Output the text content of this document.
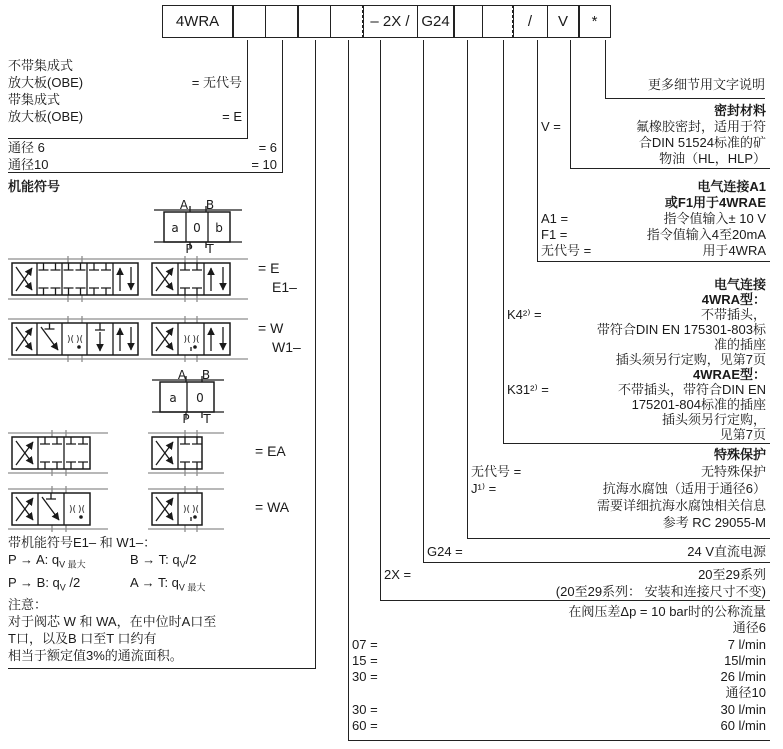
4WRA	– 2X / G24	/	V	*
不带集成式
放大板(OBE)	= 无代号
带集成式
放大板(OBE)	= E
通径 6	= 6
通径10	= 10
机能符号
A B
a 0 b
P T
= E
E1–
)( )(	)( )(
= W
W1–
A B
a 0
P T
= EA
)( )(	)( )(	= WA
带机能符号E1– 和 W1–：
P → A: $q_{V 最大}$	B → T: $q_V/2$
P → B: $q_V$ /2	A → T: $q_{V 最大}$
注意：
对于阀芯 W 和 WA，在中位时A口至
T口，以及B 口至T 口约有
相当于额定值3%的通流面积。
更多细节用文字说明
密封材料
V =	氟橡胶密封，适用于符
合DIN 51524标准的矿
物油（HL，HLP）
电气连接A1
或F1用于4WRAE
A1 =	指令值输入± 10 V
F1 =	指令值输入4至20mA
无代号 =	用于4WRA
电气连接
4WRA型：
K4²⁾ =	不带插头，
带符合DIN EN 175301-803标
准的插座
插头须另行定购，见第7页
4WRAE型：
K31²⁾ =	不带插头，带符合DIN EN
175201-804标准的插座
插头须另行定购，
见第7页
特殊保护
无代号 =	无特殊保护
J¹⁾ =	抗海水腐蚀（适用于通径6）
需要详细抗海水腐蚀相关信息
参考 RC 29055-M
G24 =	24 V直流电源
2X =	20至29系列
(20至29系列： 安装和连接尺寸不变)
在阀压差Δp = 10 bar时的公称流量
通径6
07 =	7 l/min
15 =	15l/min
30 =	26 l/min
通径10
30 =	30 l/min
60 =	60 l/min
